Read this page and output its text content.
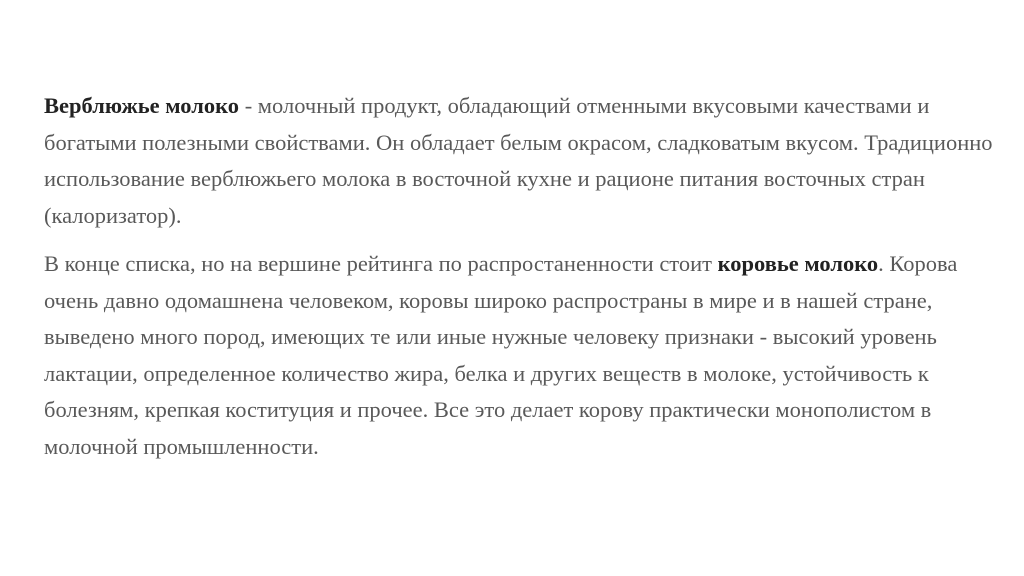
Верблюжье молоко - молочный продукт, обладающий отменными вкусовыми качествами и богатыми полезными свойствами. Он обладает белым окрасом, сладковатым вкусом. Традиционно использование верблюжьего молока в восточной кухне и рационе питания восточных стран (калоризатор).

В конце списка, но на вершине рейтинга по распростаненности стоит коровье молоко. Корова очень давно одомашнена человеком, коровы широко распрострaны в мире и в нашей стране, выведено много пород, имеющих те или иные нужные человеку признаки - высокий уровень лактации, определенное количество жира, белка и других веществ в молоке, устойчивость к болезням, крепкая коституция и прочее. Все это делает корову практически монополистом в молочной промышленности.
